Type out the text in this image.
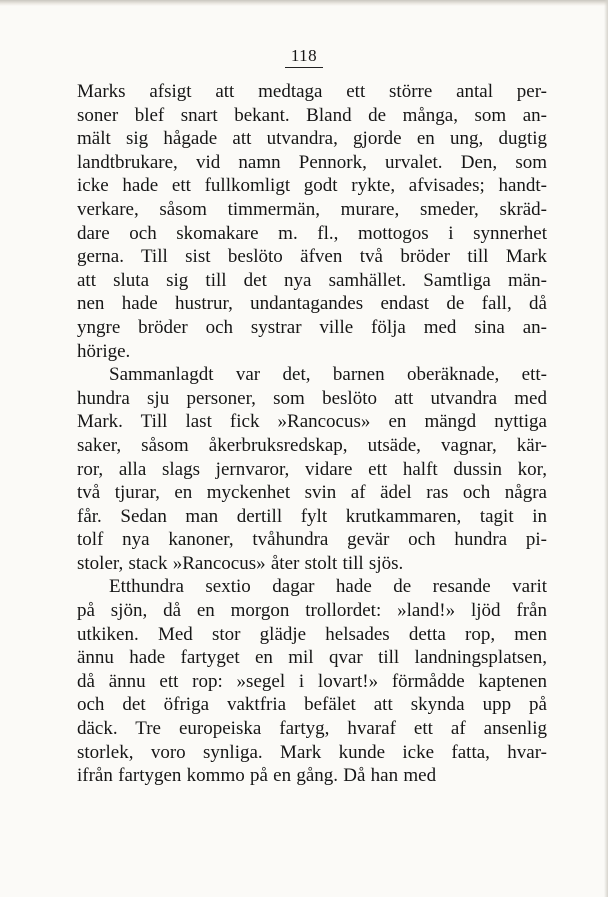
118

Marks afsigt att medtaga ett större antal per-
soner blef snart bekant. Bland de många, som an-
mält sig hågade att utvandra, gjorde en ung, dugtig
landtbrukare, vid namn Pennork, urvalet. Den, som
icke hade ett fullkomligt godt rykte, afvisades; handt-
verkare, såsom timmermän, murare, smeder, skräd-
dare och skomakare m. fl., mottogos i synnerhet
gerna. Till sist beslöto äfven två bröder till Mark
att sluta sig till det nya samhället. Samtliga män-
nen hade hustrur, undantagandes endast de fall, då
yngre bröder och systrar ville följa med sina an-
hörige.

Sammanlagdt var det, barnen oberäknade, ett-
hundra sju personer, som beslöto att utvandra med
Mark. Till last fick »Rancocus» en mängd nyttiga
saker, såsom åkerbruksredskap, utsäde, vagnar, kär-
ror, alla slags jernvaror, vidare ett halft dussin kor,
två tjurar, en myckenhet svin af ädel ras och några
får. Sedan man dertill fylt krutkammaren, tagit in
tolf nya kanoner, tvåhundra gevär och hundra pi-
stoler, stack »Rancocus» åter stolt till sjös.

Etthundra sextio dagar hade de resande varit
på sjön, då en morgon trollordet: »land!» ljöd från
utkiken. Med stor glädje helsades detta rop, men
ännu hade fartyget en mil qvar till landningsplatsen,
då ännu ett rop: »segel i lovart!» förmådde kaptenen
och det öfriga vaktfria befälet att skynda upp på
däck. Tre europeiska fartyg, hvaraf ett af ansenlig
storlek, voro synliga. Mark kunde icke fatta, hvar-
ifrån fartygen kommo på en gång. Då han med
